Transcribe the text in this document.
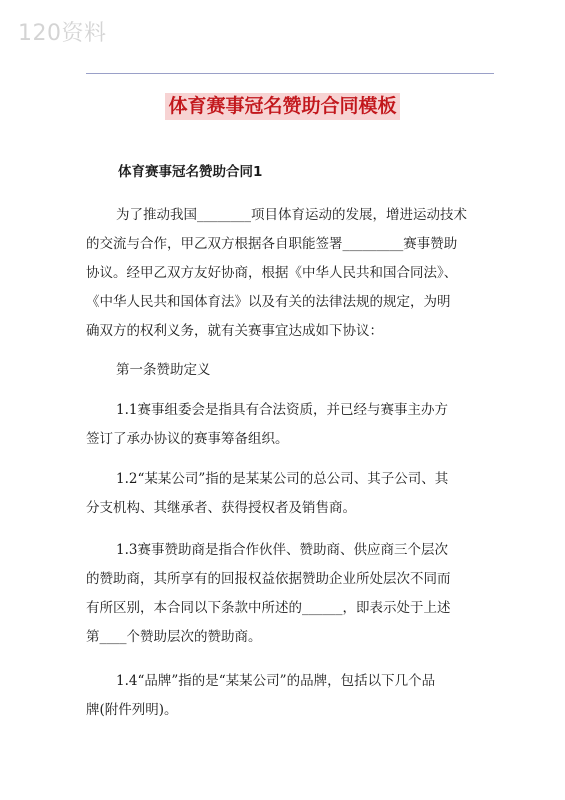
120资料
体育赛事冠名赞助合同模板
体育赛事冠名赞助合同1
为了推动我国________项目体育运动的发展，增进运动技术
的交流与合作，甲乙双方根据各自职能签署_________赛事赞助
协议。经甲乙双方友好协商，根据《中华人民共和国合同法》、
《中华人民共和国体育法》以及有关的法律法规的规定，为明
确双方的权利义务，就有关赛事宜达成如下协议：
第一条赞助定义
1.1赛事组委会是指具有合法资质，并已经与赛事主办方
签订了承办协议的赛事筹备组织。
1.2“某某公司”指的是某某公司的总公司、其子公司、其
分支机构、其继承者、获得授权者及销售商。
1.3赛事赞助商是指合作伙伴、赞助商、供应商三个层次
的赞助商，其所享有的回报权益依据赞助企业所处层次不同而
有所区别，本合同以下条款中所述的______，即表示处于上述
第____个赞助层次的赞助商。
1.4“品牌”指的是“某某公司”的品牌，包括以下几个品
牌(附件列明)。
